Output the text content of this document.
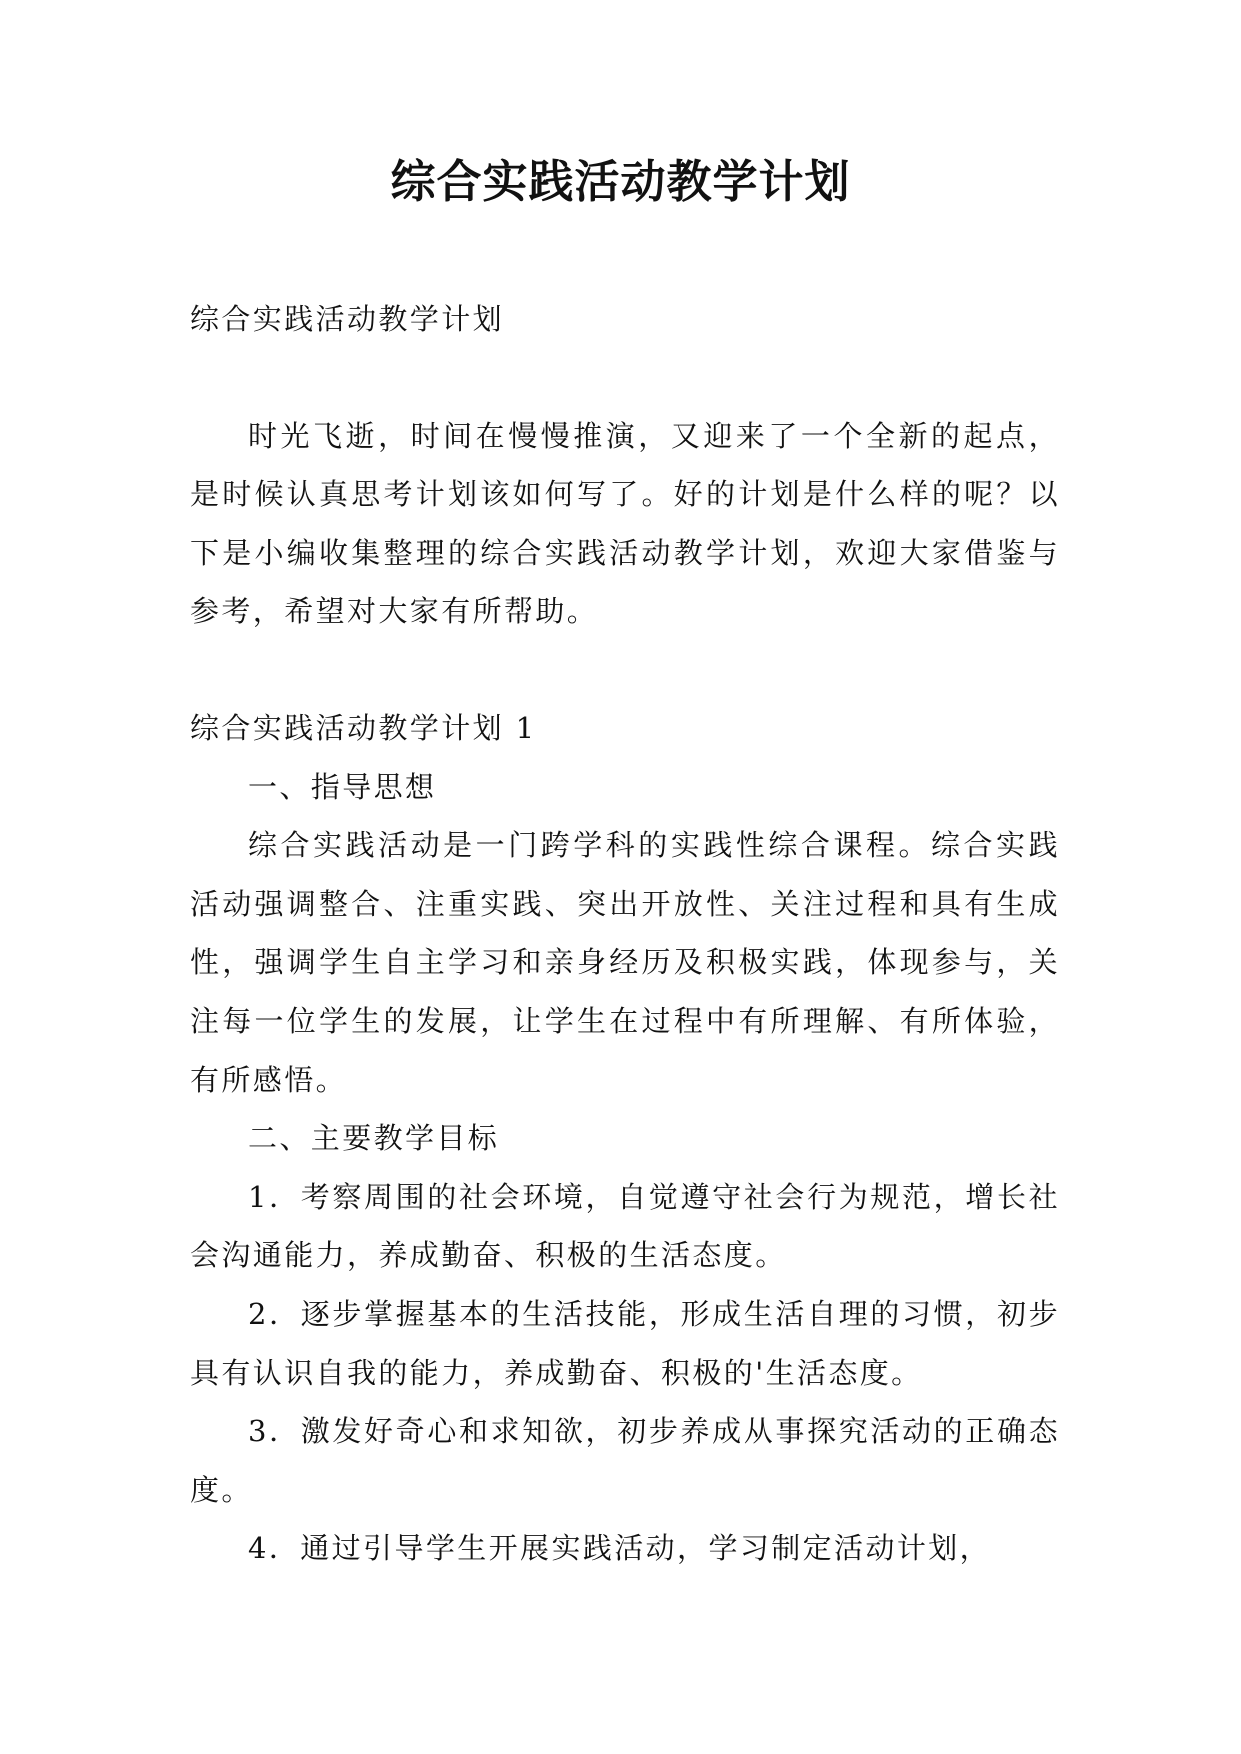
综合实践活动教学计划

综合实践活动教学计划

时光飞逝，时间在慢慢推演，又迎来了一个全新的起点，是时候认真思考计划该如何写了。好的计划是什么样的呢？以下是小编收集整理的综合实践活动教学计划，欢迎大家借鉴与参考，希望对大家有所帮助。

综合实践活动教学计划 1

一、指导思想

综合实践活动是一门跨学科的实践性综合课程。综合实践活动强调整合、注重实践、突出开放性、关注过程和具有生成性，强调学生自主学习和亲身经历及积极实践，体现参与，关注每一位学生的发展，让学生在过程中有所理解、有所体验，有所感悟。

二、主要教学目标

1．考察周围的社会环境，自觉遵守社会行为规范，增长社会沟通能力，养成勤奋、积极的生活态度。

2．逐步掌握基本的生活技能，形成生活自理的习惯，初步具有认识自我的能力，养成勤奋、积极的'生活态度。

3．激发好奇心和求知欲，初步养成从事探究活动的正确态度。

4．通过引导学生开展实践活动，学习制定活动计划，
